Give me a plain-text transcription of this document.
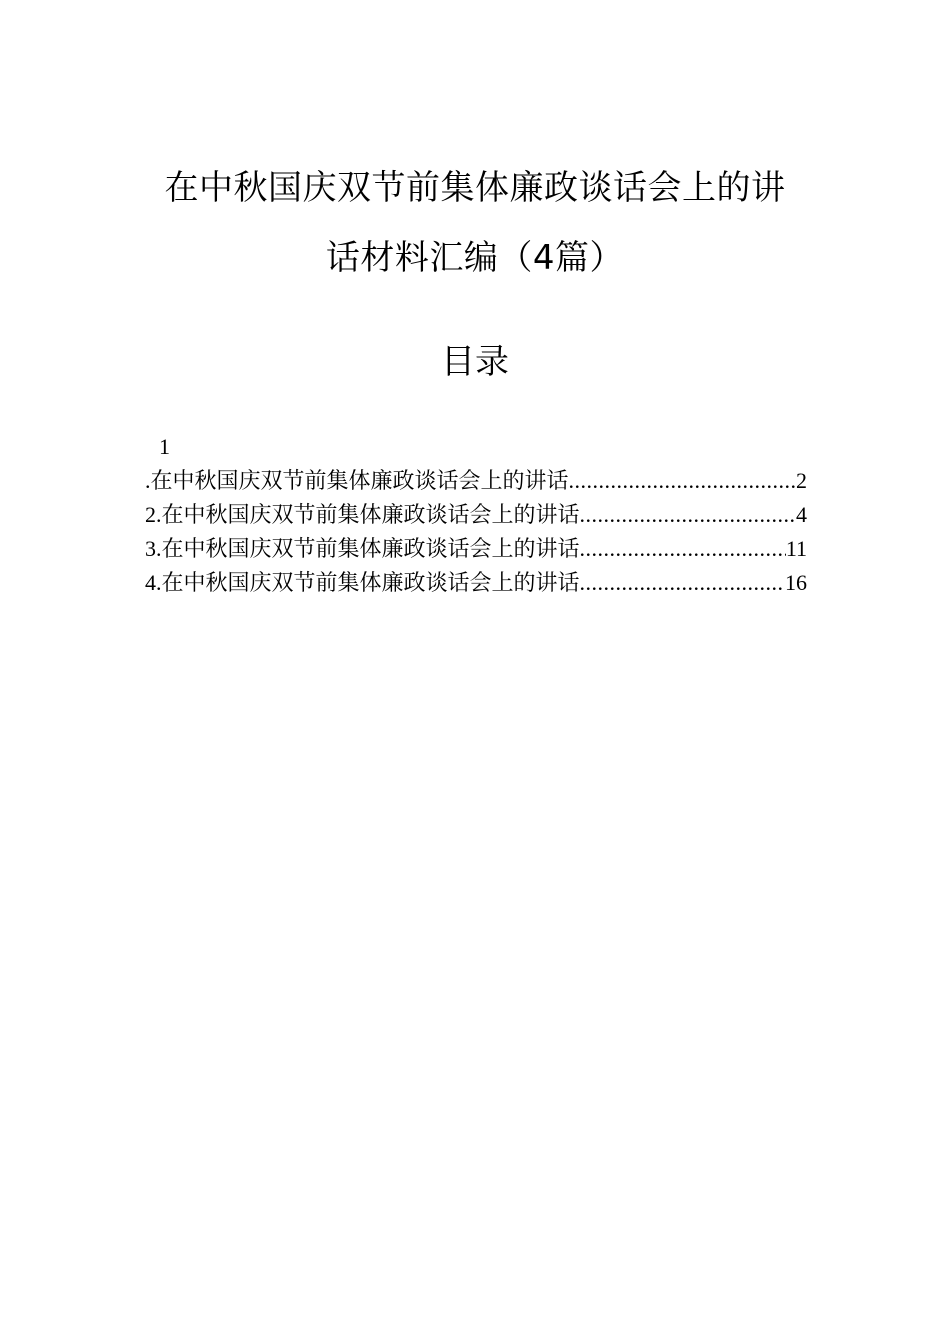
在中秋国庆双节前集体廉政谈话会上的讲
话材料汇编（4篇）
目录
1
.在中秋国庆双节前集体廉政谈话会上的讲话 .....	2
2.在中秋国庆双节前集体廉政谈话会上的讲话 .....	4
3.在中秋国庆双节前集体廉政谈话会上的讲话 .....	11
4.在中秋国庆双节前集体廉政谈话会上的讲话 .....	16
